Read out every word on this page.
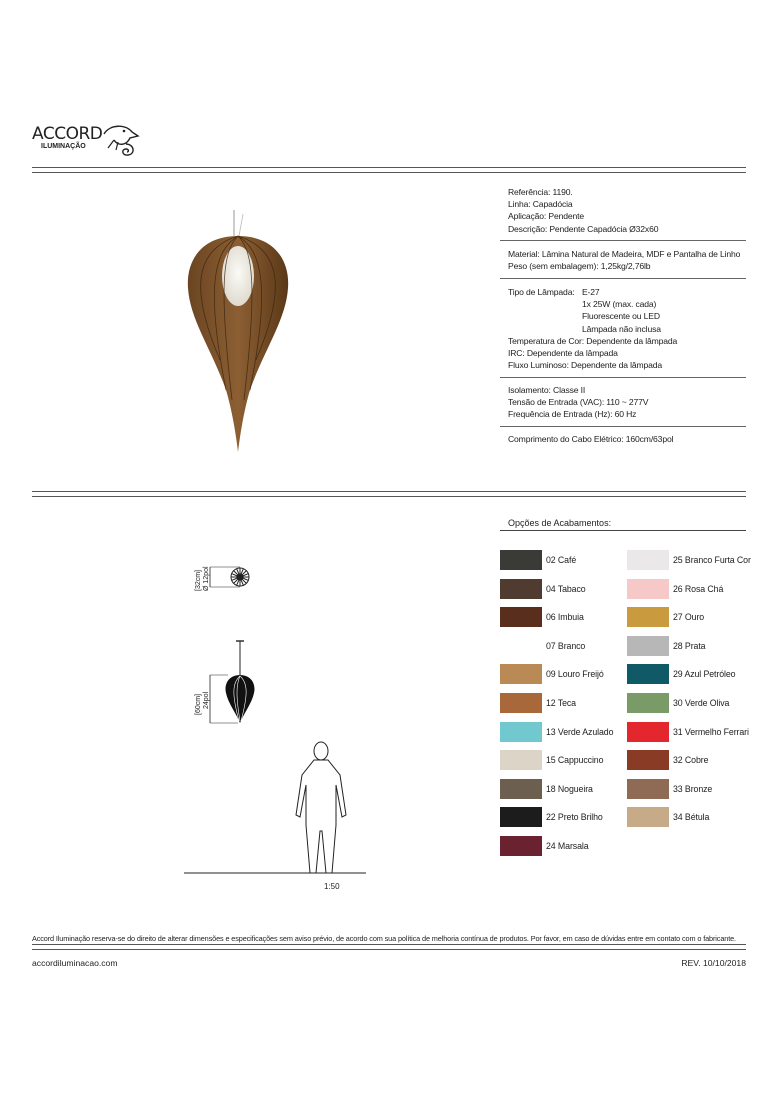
ACCORD
ILUMINAÇÃO
Referência: 1190.
Linha: Capadócia
Aplicação: Pendente
Descrição: Pendente Capadócia Ø32x60
Material: Lâmina Natural de Madeira, MDF e Pantalha de Linho
Peso (sem embalagem): 1,25kg/2,76lb
Tipo de Lâmpada: E-27
1x 25W (max. cada)
Fluorescente ou LED
Lâmpada não inclusa
Temperatura de Cor: Dependente da lâmpada
IRC: Dependente da lâmpada
Fluxo Luminoso: Dependente da lâmpada
Isolamento: Classe II
Tensão de Entrada (VAC): 110 ~ 277V
Frequência de Entrada (Hz): 60 Hz
Comprimento do Cabo Elétrico: 160cm/63pol
[32cm] Ø 12pol
[60cm] 24pol
1:50
Opções de Acabamentos:
02 Café
04 Tabaco
06 Imbuia
07 Branco
09 Louro Freijó
12 Teca
13 Verde Azulado
15 Cappuccino
18 Nogueira
22 Preto Brilho
24 Marsala
25 Branco Furta Cor
26 Rosa Chá
27 Ouro
28 Prata
29 Azul Petróleo
30 Verde Oliva
31 Vermelho Ferrari
32 Cobre
33 Bronze
34 Bétula
Accord Iluminação reserva-se do direito de alterar dimensões e especificações sem aviso prévio, de acordo com sua política de melhoria contínua de produtos. Por favor, em caso de dúvidas entre em contato com o fabricante.
accordiluminacao.com	REV. 10/10/2018
